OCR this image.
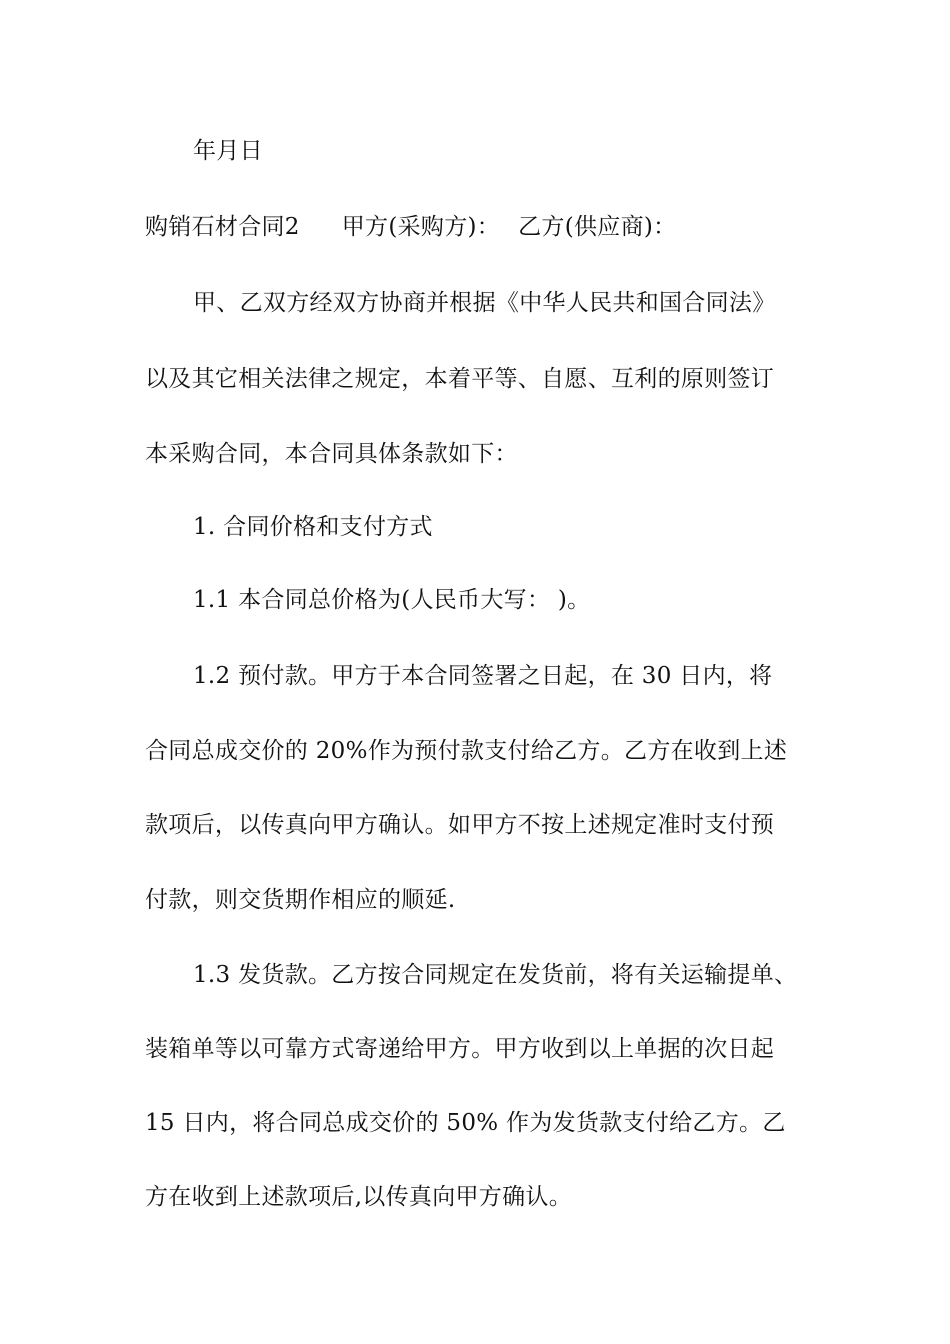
年月日
购销石材合同2 甲方(采购方)： 乙方(供应商)：
甲、乙双方经双方协商并根据《中华人民共和国合同法》
以及其它相关法律之规定，本着平等、自愿、互利的原则签订
本采购合同，本合同具体条款如下：
1. 合同价格和支付方式
1.1 本合同总价格为(人民币大写： )。
1.2 预付款。甲方于本合同签署之日起，在 30 日内，将
合同总成交价的 20%作为预付款支付给乙方。乙方在收到上述
款项后，以传真向甲方确认。如甲方不按上述规定准时支付预
付款，则交货期作相应的顺延.
1.3 发货款。乙方按合同规定在发货前，将有关运输提单、
装箱单等以可靠方式寄递给甲方。甲方收到以上单据的次日起
15 日内，将合同总成交价的 50% 作为发货款支付给乙方。乙
方在收到上述款项后,以传真向甲方确认。
